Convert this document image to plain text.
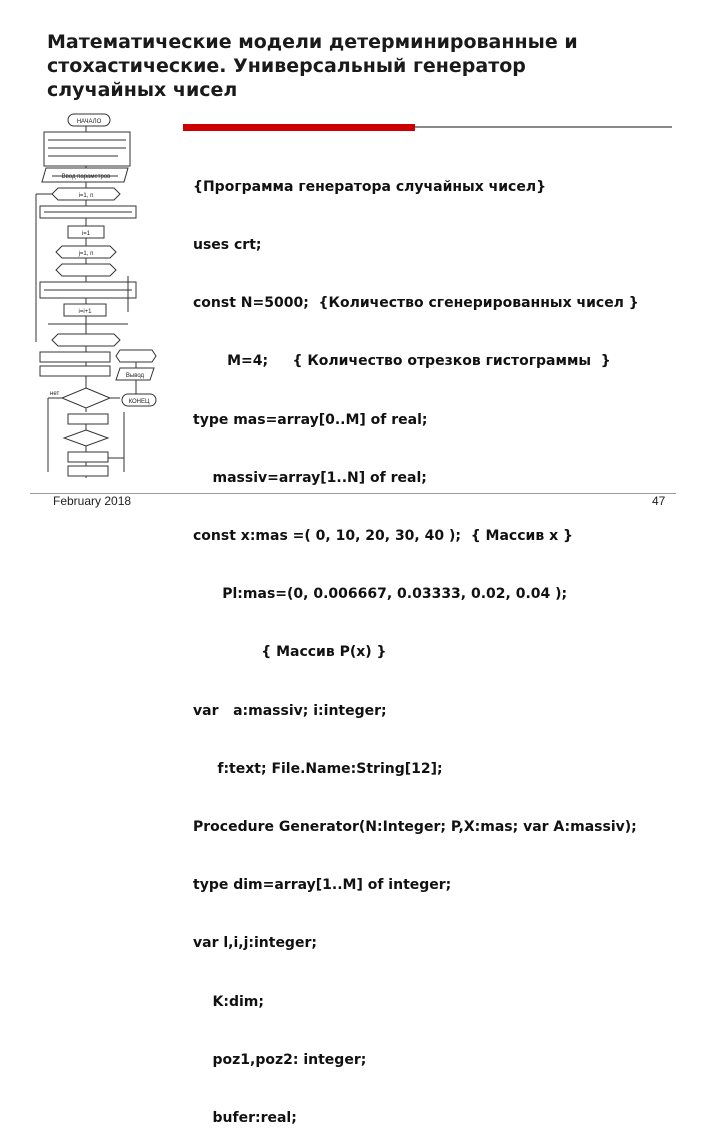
Математические модели детерминированные и
стохастические. Универсальный генератор
случайных чисел
НАЧАЛО
Ввод параметров
i=1, n
i=1
j=1, n
i=i+1
Вывод
КОНЕЦ
нет

{Программа генератора случайных чисел}

uses crt;

const N=5000;  {Количество сгенерированных чисел }

M=4;     { Количество отрезков гистограммы  }

type mas=array[0..M] of real;

massiv=array[1..N] of real;

const x:mas =( 0, 10, 20, 30, 40 );  { Массив x }

Pl:mas=(0, 0.006667, 0.03333, 0.02, 0.04 );

{ Массив P(x) }

var   a:massiv; i:integer;

f:text; File.Name:String[12];

Procedure Generator(N:Integer; P,X:mas; var A:massiv);

type dim=array[1..M] of integer;

var l,i,j:integer;

K:dim;

poz1,poz2: integer;

bufer:real;

February 2018	47
